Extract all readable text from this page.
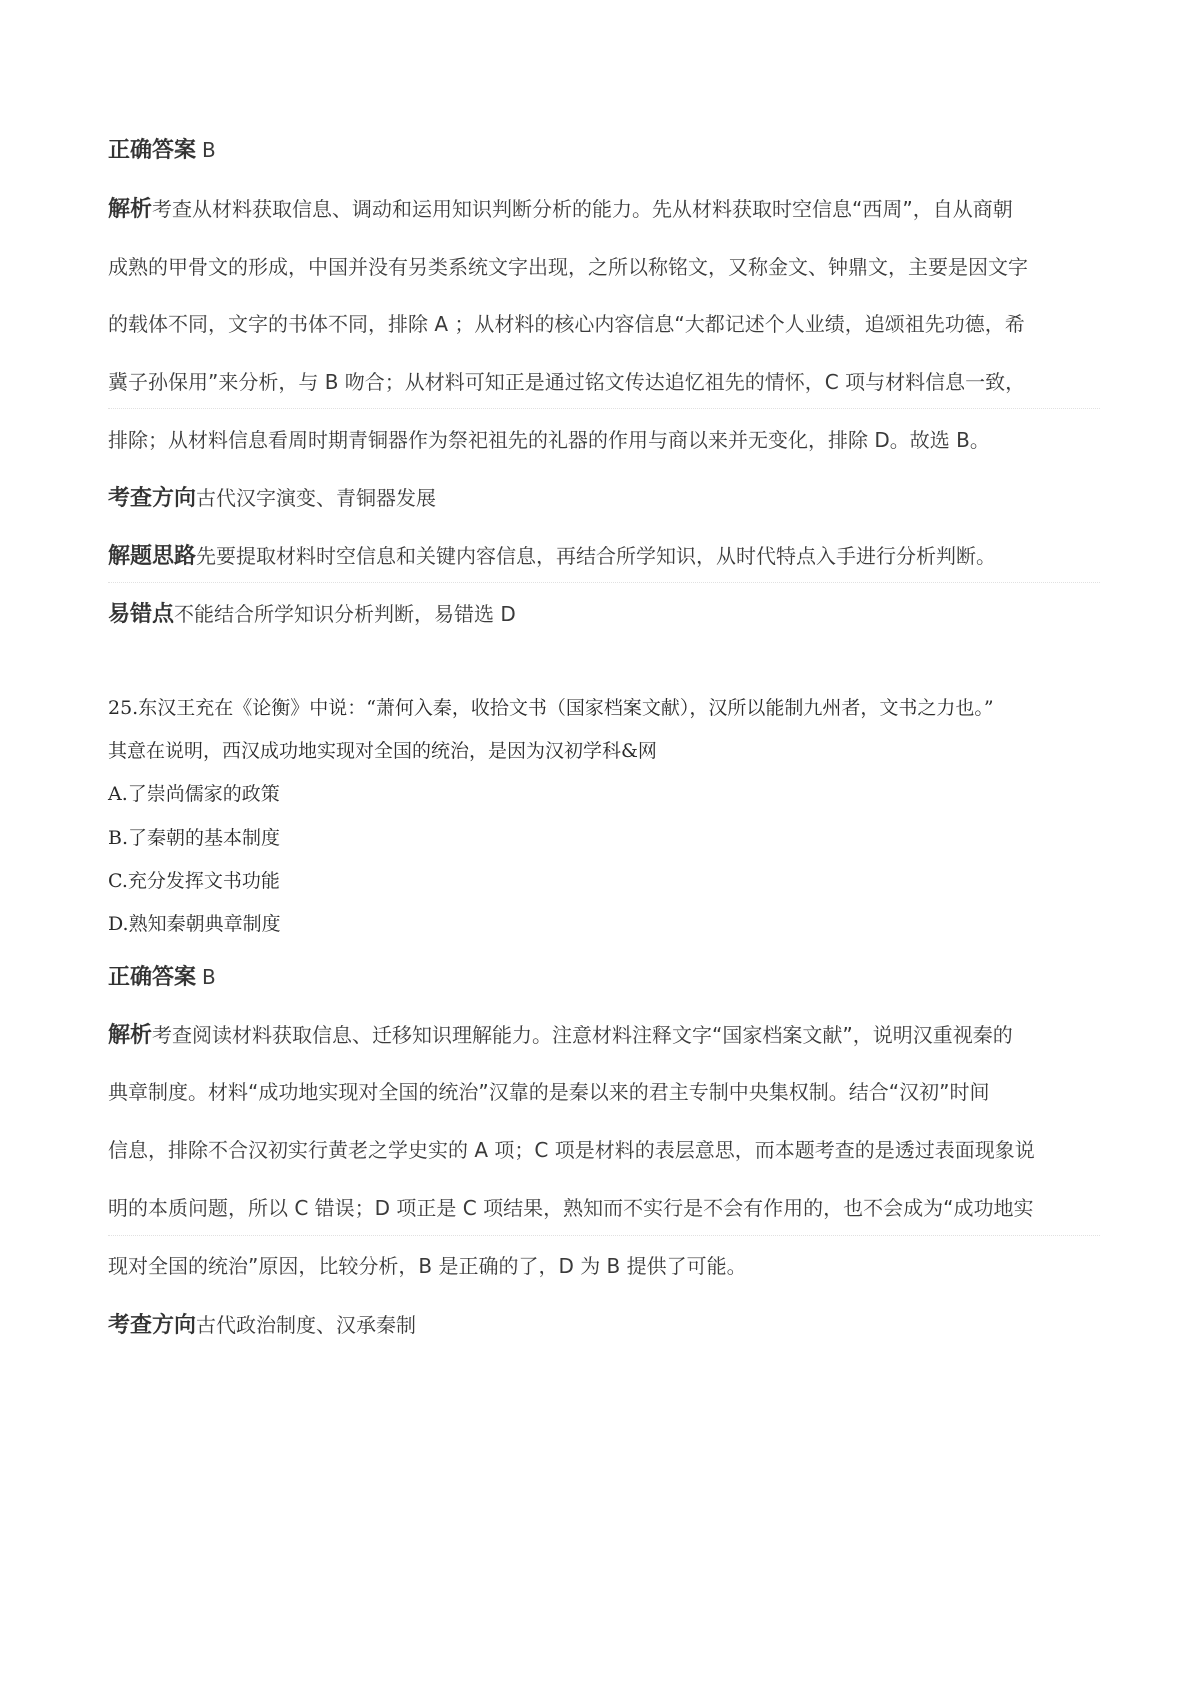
正确答案 B
解析考查从材料获取信息、调动和运用知识判断分析的能力。先从材料获取时空信息“西周”，自从商朝
成熟的甲骨文的形成，中国并没有另类系统文字出现，之所以称铭文，又称金文、钟鼎文，主要是因文字
的载体不同，文字的书体不同，排除 A ；从材料的核心内容信息“大都记述个人业绩，追颂祖先功德，希
冀子孙保用”来分析，与 B 吻合；从材料可知正是通过铭文传达追忆祖先的情怀，C 项与材料信息一致，
排除；从材料信息看周时期青铜器作为祭祀祖先的礼器的作用与商以来并无变化，排除 D。故选 B。
考查方向古代汉字演变、青铜器发展
解题思路先要提取材料时空信息和关键内容信息，再结合所学知识，从时代特点入手进行分析判断。
易错点不能结合所学知识分析判断，易错选 D
25.东汉王充在《论衡》中说：“萧何入秦，收拾文书（国家档案文献），汉所以能制九州者，文书之力也。”
其意在说明，西汉成功地实现对全国的统治，是因为汉初学科&网
A.了崇尚儒家的政策
B.了秦朝的基本制度
C.充分发挥文书功能
D.熟知秦朝典章制度
正确答案 B
解析考查阅读材料获取信息、迁移知识理解能力。注意材料注释文字“国家档案文献”，说明汉重视秦的
典章制度。材料“成功地实现对全国的统治”汉靠的是秦以来的君主专制中央集权制。结合“汉初”时间
信息，排除不合汉初实行黄老之学史实的 A 项；C 项是材料的表层意思，而本题考查的是透过表面现象说
明的本质问题，所以 C 错误；D 项正是 C 项结果，熟知而不实行是不会有作用的，也不会成为“成功地实
现对全国的统治”原因，比较分析，B 是正确的了，D 为 B 提供了可能。
考查方向古代政治制度、汉承秦制
